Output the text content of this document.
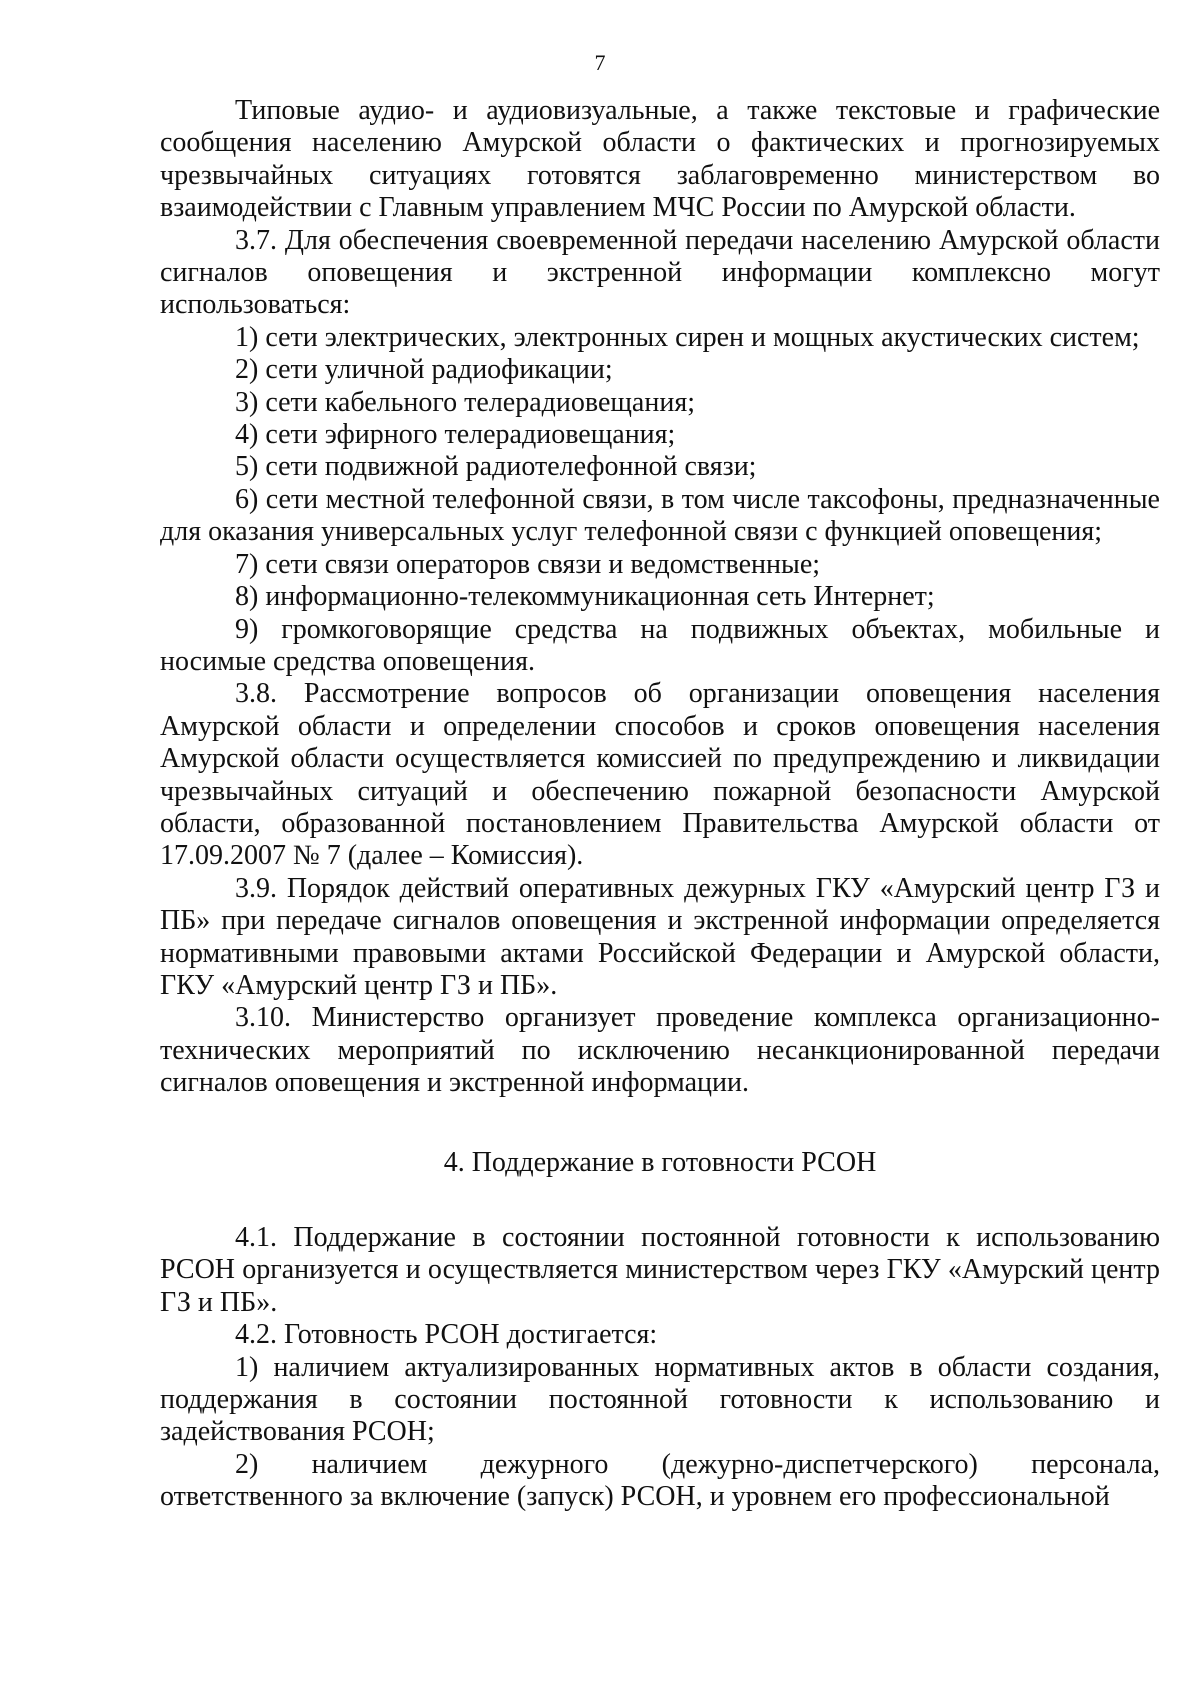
7

Типовые аудио- и аудиовизуальные, а также текстовые и графические сообщения населению Амурской области о фактических и прогнозируемых чрезвычайных ситуациях готовятся заблаговременно министерством во взаимодействии с Главным управлением МЧС России по Амурской области.

3.7. Для обеспечения своевременной передачи населению Амурской области сигналов оповещения и экстренной информации комплексно могут использоваться:

1) сети электрических, электронных сирен и мощных акустических систем;

2) сети уличной радиофикации;

3) сети кабельного телерадиовещания;

4) сети эфирного телерадиовещания;

5) сети подвижной радиотелефонной связи;

6) сети местной телефонной связи, в том числе таксофоны, предназначенные для оказания универсальных услуг телефонной связи с функцией оповещения;

7) сети связи операторов связи и ведомственные;

8) информационно-телекоммуникационная сеть Интернет;

9) громкоговорящие средства на подвижных объектах, мобильные и носимые средства оповещения.

3.8. Рассмотрение вопросов об организации оповещения населения Амурской области и определении способов и сроков оповещения населения Амурской области осуществляется комиссией по предупреждению и ликвидации чрезвычайных ситуаций и обеспечению пожарной безопасности Амурской области, образованной постановлением Правительства Амурской области от 17.09.2007 № 7 (далее – Комиссия).

3.9. Порядок действий оперативных дежурных ГКУ «Амурский центр ГЗ и ПБ» при передаче сигналов оповещения и экстренной информации определяется нормативными правовыми актами Российской Федерации и Амурской области, ГКУ «Амурский центр ГЗ и ПБ».

3.10. Министерство организует проведение комплекса организационно-технических мероприятий по исключению несанкционированной передачи сигналов оповещения и экстренной информации.

4. Поддержание в готовности РСОН

4.1. Поддержание в состоянии постоянной готовности к использованию РСОН организуется и осуществляется министерством через ГКУ «Амурский центр ГЗ и ПБ».

4.2. Готовность РСОН достигается:

1) наличием актуализированных нормативных актов в области создания, поддержания в состоянии постоянной готовности к использованию и задействования РСОН;

2) наличием дежурного (дежурно-диспетчерского) персонала, ответственного за включение (запуск) РСОН, и уровнем его профессиональной
